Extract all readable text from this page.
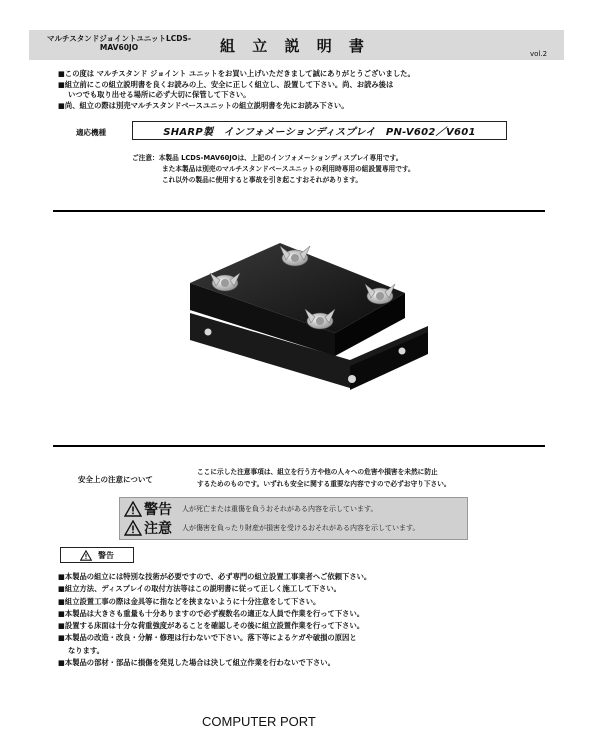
マルチスタンドジョイントユニットLCDS-
MAV60JO	組 立 説 明 書	vol.2

■この度は マルチスタンド ジョイント ユニットをお買い上げいただきまして誠にありがとうございました。

■組立前にこの組立説明書を良くお読みの上、安全に正しく組立し、設置して下さい。尚、お読み後は

いつでも取り出せる場所に必ず大切に保管して下さい。

■尚、組立の際は別売マルチスタンドベースユニットの組立説明書を先にお読み下さい。

適応機種	SHARP製　インフォメーションディスプレイ　PN-V602／V601

ご注意：本製品 LCDS-MAV60JOは、上記のインフォメーションディスプレイ専用です。

また本製品は別売のマルチスタンドベースユニットの利用時専用の組設置専用です。

これ以外の製品に使用すると事故を引き起こすおそれがあります。

安全上の注意について

ここに示した注意事項は、組立を行う方や他の人々への危害や損害を未然に防止

するためのものです。いずれも安全に関する重要な内容ですので必ずお守り下さい。

警告	人が死亡または重傷を負うおそれがある内容を示しています。
注意	人が傷害を負ったり財産が損害を受けるおそれがある内容を示しています。
警告

■本製品の組立には特別な技術が必要ですので、必ず専門の組立設置工事業者へご依頼下さい。

■組立方法、ディスプレイの取付方法等はこの説明書に従って正しく施工して下さい。

■組立設置工事の際は金具等に指などを挟まないように十分注意をして下さい。

■本製品は大きさも重量も十分ありますので必ず複数名の適正な人員で作業を行って下さい。

■設置する床面は十分な荷重強度があることを確認しその後に組立設置作業を行って下さい。

■本製品の改造・改良・分解・修理は行わないで下さい。落下等によるケガや破損の原因と

なります。

■本製品の部材・部品に損傷を発見した場合は決して組立作業を行わないで下さい。

COMPUTER PORT
